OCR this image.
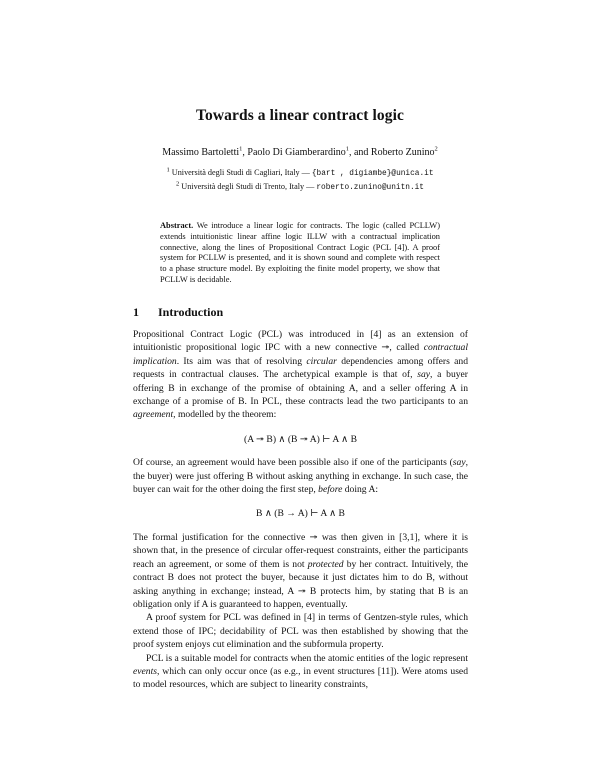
Towards a linear contract logic
Massimo Bartoletti$^1$, Paolo Di Giamberardino$^1$, and Roberto Zunino$^2$
$^1$ Università degli Studi di Cagliari, Italy — {bart , digiambe}@unica.it
$^2$ Università degli Studi di Trento, Italy — roberto.zunino@unitn.it
Abstract. We introduce a linear logic for contracts. The logic (called PCLLW) extends intuitionistic linear affine logic ILLW with a contractual implication connective, along the lines of Propositional Contract Logic (PCL [4]). A proof system for PCLLW is presented, and it is shown sound and complete with respect to a phase structure model. By exploiting the finite model property, we show that PCLLW is decidable.
1 Introduction

Propositional Contract Logic (PCL) was introduced in [4] as an extension of intuitionistic propositional logic IPC with a new connective ↠, called contractual implication. Its aim was that of resolving circular dependencies among offers and requests in contractual clauses. The archetypical example is that of, say, a buyer offering B in exchange of the promise of obtaining A, and a seller offering A in exchange of a promise of B. In PCL, these contracts lead the two participants to an agreement, modelled by the theorem:

(A ↠ B) ∧ (B ↠ A) ⊢ A ∧ B

Of course, an agreement would have been possible also if one of the participants (say, the buyer) were just offering B without asking anything in exchange. In such case, the buyer can wait for the other doing the first step, before doing A:

B ∧ (B → A) ⊢ A ∧ B

The formal justification for the connective ↠ was then given in [3,1], where it is shown that, in the presence of circular offer-request constraints, either the participants reach an agreement, or some of them is not protected by her contract. Intuitively, the contract B does not protect the buyer, because it just dictates him to do B, without asking anything in exchange; instead, A ↠ B protects him, by stating that B is an obligation only if A is guaranteed to happen, eventually.

A proof system for PCL was defined in [4] in terms of Gentzen-style rules, which extend those of IPC; decidability of PCL was then established by showing that the proof system enjoys cut elimination and the subformula property.

PCL is a suitable model for contracts when the atomic entities of the logic represent events, which can only occur once (as e.g., in event structures [11]). Were atoms used to model resources, which are subject to linearity constraints,
